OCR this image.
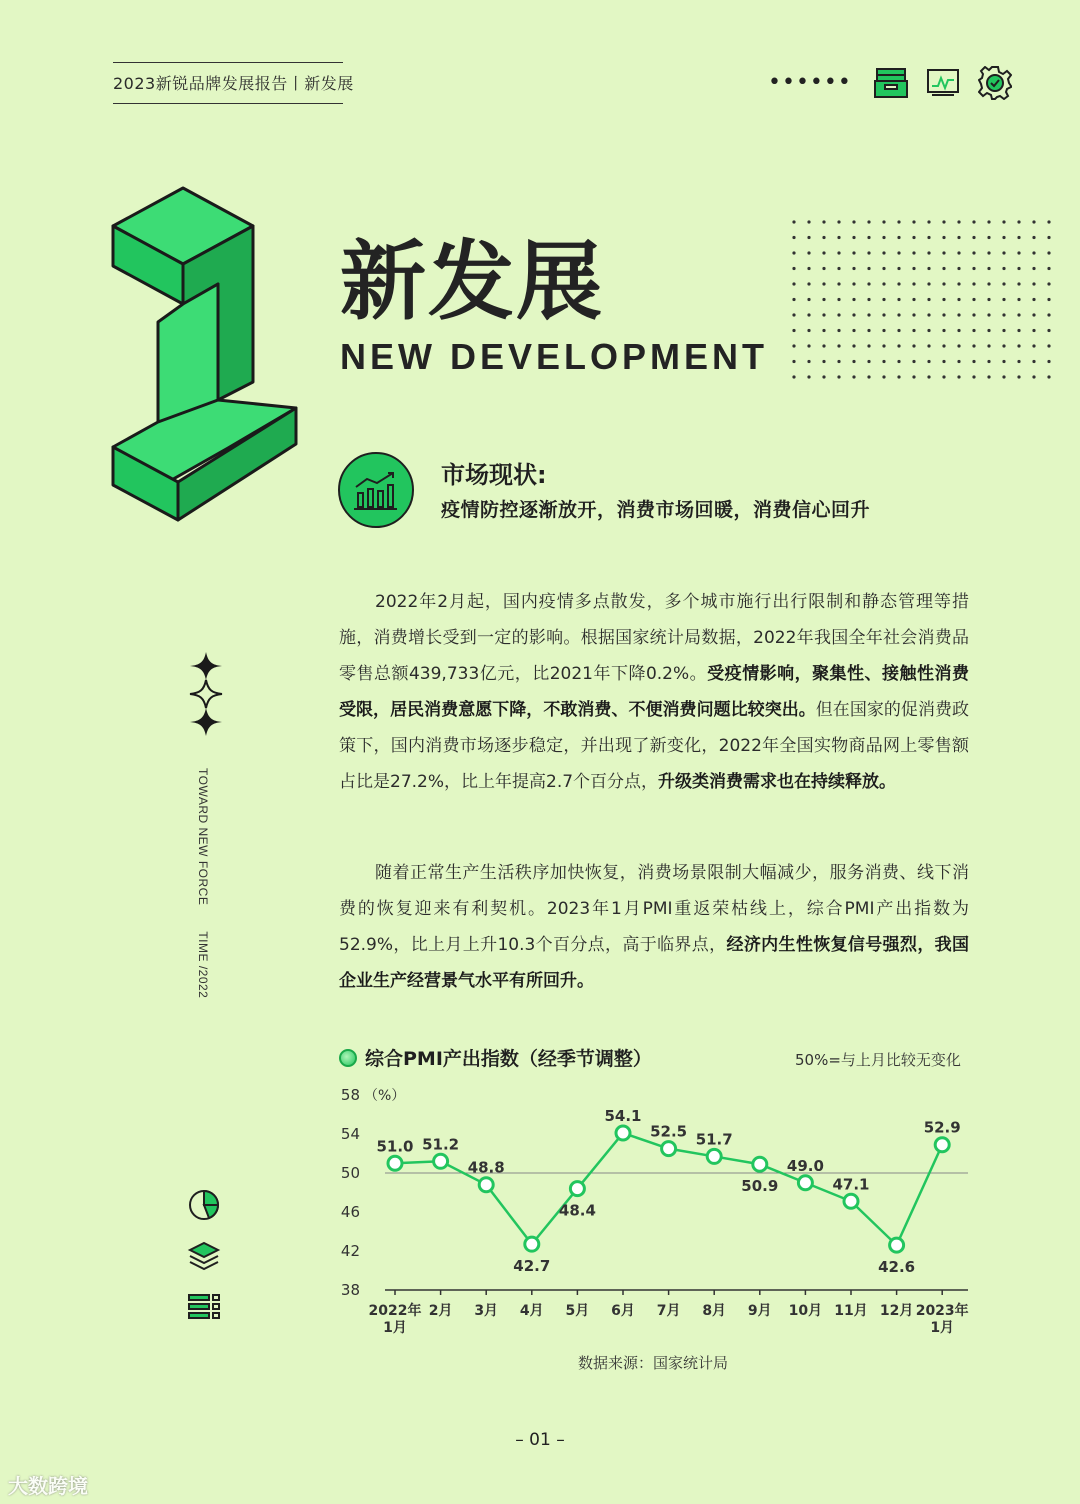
2023新锐品牌发展报告丨新发展	••••••
新发展
NEW DEVELOPMENT
市场现状:
疫情防控逐渐放开，消费市场回暖，消费信心回升
2022年2月起，国内疫情多点散发，多个城市施行出行限制和静态管理等措施，消费增长受到一定的影响。根据国家统计局数据，2022年我国全年社会消费品零售总额439,733亿元，比2021年下降0.2%。受疫情影响，聚集性、接触性消费受限，居民消费意愿下降，不敢消费、不便消费问题比较突出。但在国家的促消费政策下，国内消费市场逐步稳定，并出现了新变化，2022年全国实物商品网上零售额占比是27.2%，比上年提高2.7个百分点，升级类消费需求也在持续释放。
随着正常生产生活秩序加快恢复，消费场景限制大幅减少，服务消费、线下消费的恢复迎来有利契机。2023年1月PMI重返荣枯线上，综合PMI产出指数为52.9%，比上月上升10.3个百分点，高于临界点，经济内生性恢复信号强烈，我国企业生产经营景气水平有所回升。
TOWARD NEW FORCETIME /2022
综合PMI产出指数（经季节调整）	50%=与上月比较无变化
38
42
46
50
54
58 （%）
2022年
1月
2月 3月 4月 5月 6月 7月 8月 9月 10月 11月 12月 2023年
1月
51.0 51.2
48.8
42.7
48.4
54.1
52.5 51.7
50.9
49.0
47.1
42.6
52.9
数据来源：国家统计局
– 01 –
大数跨境
